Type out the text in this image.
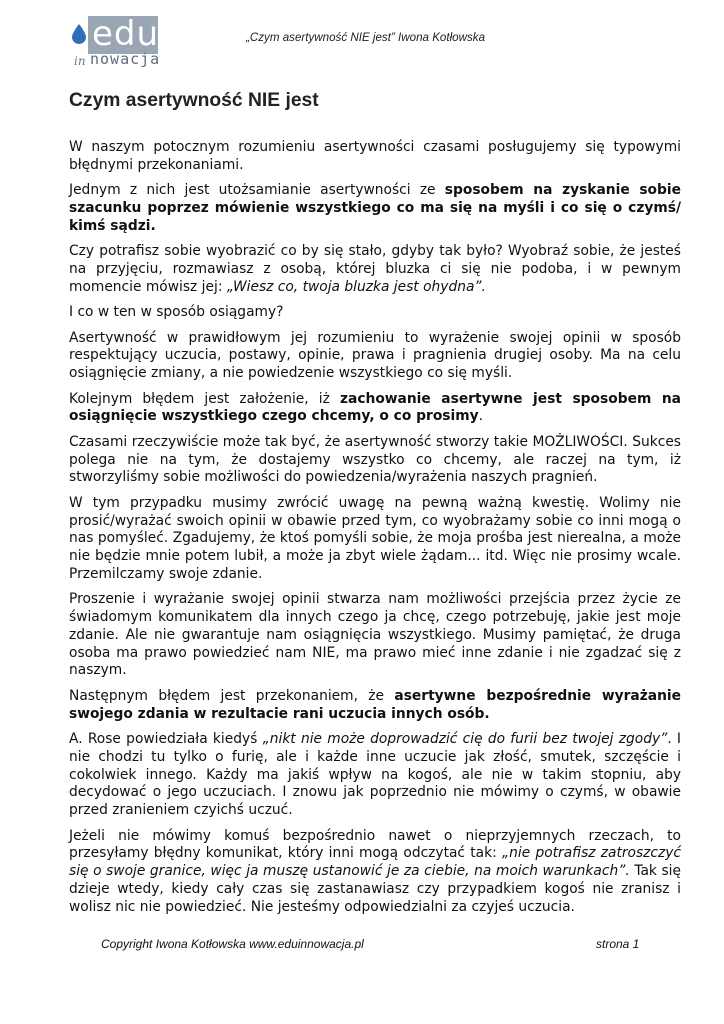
edu
in nowacja
„Czym asertywność NIE jest” Iwona Kotłowska
Czym asertywność NIE jest

W naszym potocznym rozumieniu asertywności czasami posługujemy się typowymi błędnymi przekonaniami.

Jednym z nich jest utożsamianie asertywności ze sposobem na zyskanie sobie szacunku poprzez mówienie wszystkiego co ma się na myśli i co się o czymś/ kimś sądzi.

Czy potrafisz sobie wyobrazić co by się stało, gdyby tak było? Wyobraź sobie, że jesteś na przyjęciu, rozmawiasz z osobą, której bluzka ci się nie podoba, i w pewnym momencie mówisz jej: „Wiesz co, twoja bluzka jest ohydna”.

I co w ten w sposób osiągamy?

Asertywność w prawidłowym jej rozumieniu to wyrażenie swojej opinii w sposób respektujący uczucia, postawy, opinie, prawa i pragnienia drugiej osoby. Ma na celu osiągnięcie zmiany, a nie powiedzenie wszystkiego co się myśli.

Kolejnym błędem jest założenie, iż zachowanie asertywne jest sposobem na osiągnięcie wszystkiego czego chcemy, o co prosimy.

Czasami rzeczywiście może tak być, że asertywność stworzy takie MOŻLIWOŚCI. Sukces polega nie na tym, że dostajemy wszystko co chcemy, ale raczej na tym, iż stworzyliśmy sobie możliwości do powiedzenia/wyrażenia naszych pragnień.

W tym przypadku musimy zwrócić uwagę na pewną ważną kwestię. Wolimy nie prosić/wyrażać swoich opinii w obawie przed tym, co wyobrażamy sobie co inni mogą o nas pomyśleć. Zgadujemy, że ktoś pomyśli sobie, że moja prośba jest nierealna, a może nie będzie mnie potem lubił, a może ja zbyt wiele żądam... itd. Więc nie prosimy wcale. Przemilczamy swoje zdanie.

Proszenie i wyrażanie swojej opinii stwarza nam możliwości przejścia przez życie ze świadomym komunikatem dla innych czego ja chcę, czego potrzebuję, jakie jest moje zdanie. Ale nie gwarantuje nam osiągnięcia wszystkiego. Musimy pamiętać, że druga osoba ma prawo powiedzieć nam NIE, ma prawo mieć inne zdanie i nie zgadzać się z naszym.

Następnym błędem jest przekonaniem, że asertywne bezpośrednie wyrażanie swojego zdania w rezultacie rani uczucia innych osób.

A. Rose powiedziała kiedyś „nikt nie może doprowadzić cię do furii bez twojej zgody”. I nie chodzi tu tylko o furię, ale i każde inne uczucie jak złość, smutek, szczęście i cokolwiek innego. Każdy ma jakiś wpływ na kogoś, ale nie w takim stopniu, aby decydować o jego uczuciach. I znowu jak poprzednio nie mówimy o czymś, w obawie przed zranieniem czyichś uczuć.

Jeżeli nie mówimy komuś bezpośrednio nawet o nieprzyjemnych rzeczach, to przesyłamy błędny komunikat, który inni mogą odczytać tak: „nie potrafisz zatroszczyć się o swoje granice, więc ja muszę ustanowić je za ciebie, na moich warunkach”. Tak się dzieje wtedy, kiedy cały czas się zastanawiasz czy przypadkiem kogoś nie zranisz i wolisz nic nie powiedzieć. Nie jesteśmy odpowiedzialni za czyjeś uczucia.

Copyright Iwona Kotłowska www.eduinnowacja.pl	strona 1
